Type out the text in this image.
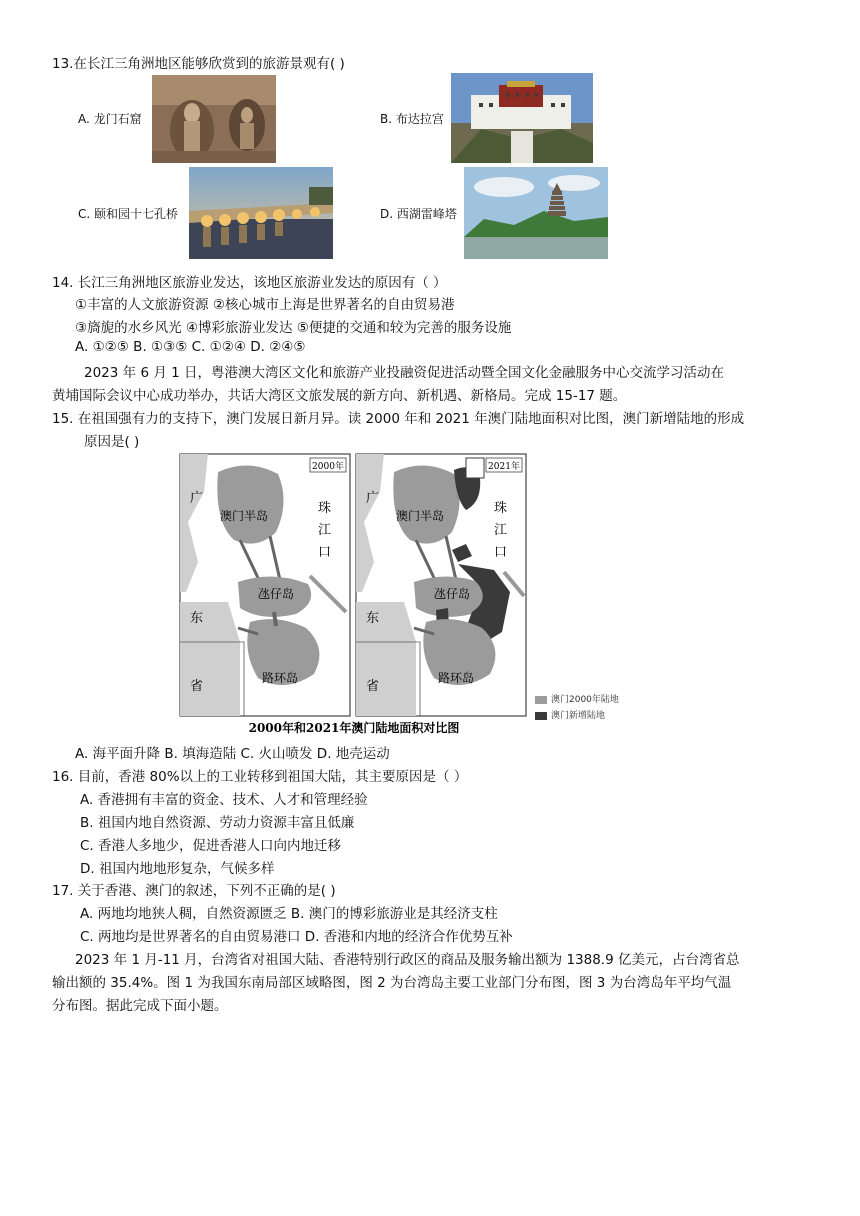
13.在长江三角洲地区能够欣赏到的旅游景观有( )
A. 龙门石窟	B. 布达拉宫
C. 颐和园十七孔桥	D. 西湖雷峰塔
14. 长江三角洲地区旅游业发达，该地区旅游业发达的原因有（ ）
①丰富的人文旅游资源 ②核心城市上海是世界著名的自由贸易港
③旖旎的水乡风光 ④博彩旅游业发达 ⑤便捷的交通和较为完善的服务设施
A. ①②⑤ B. ①③⑤ C. ①②④ D. ②④⑤
2023 年 6 月 1 日，粤港澳大湾区文化和旅游产业投融资促进活动暨全国文化金融服务中心交流学习活动在
黄埔国际会议中心成功举办，共话大湾区文旅发展的新方向、新机遇、新格局。完成 15-17 题。
15. 在祖国强有力的支持下，澳门发展日新月异。读 2000 年和 2021 年澳门陆地面积对比图，澳门新增陆地的形成
原因是( )
2000年
广
东
省
澳门半岛
氹仔岛
路环岛
珠
江
口
2021年
广
东
省
澳门半岛
氹仔岛
路环岛
珠
江
口
2000年和2021年澳门陆地面积对比图
澳门2000年陆地
澳门新增陆地
A. 海平面升降 B. 填海造陆 C. 火山喷发 D. 地壳运动
16. 目前，香港 80%以上的工业转移到祖国大陆，其主要原因是（ ）
A. 香港拥有丰富的资金、技术、人才和管理经验
B. 祖国内地自然资源、劳动力资源丰富且低廉
C. 香港人多地少，促进香港人口向内地迁移
D. 祖国内地地形复杂，气候多样
17. 关于香港、澳门的叙述，下列不正确的是( )
A. 两地均地狭人稠，自然资源匮乏 B. 澳门的博彩旅游业是其经济支柱
C. 两地均是世界著名的自由贸易港口 D. 香港和内地的经济合作优势互补
2023 年 1 月-11 月，台湾省对祖国大陆、香港特别行政区的商品及服务输出额为 1388.9 亿美元，占台湾省总
输出额的 35.4%。图 1 为我国东南局部区域略图，图 2 为台湾岛主要工业部门分布图，图 3 为台湾岛年平均气温
分布图。据此完成下面小题。
